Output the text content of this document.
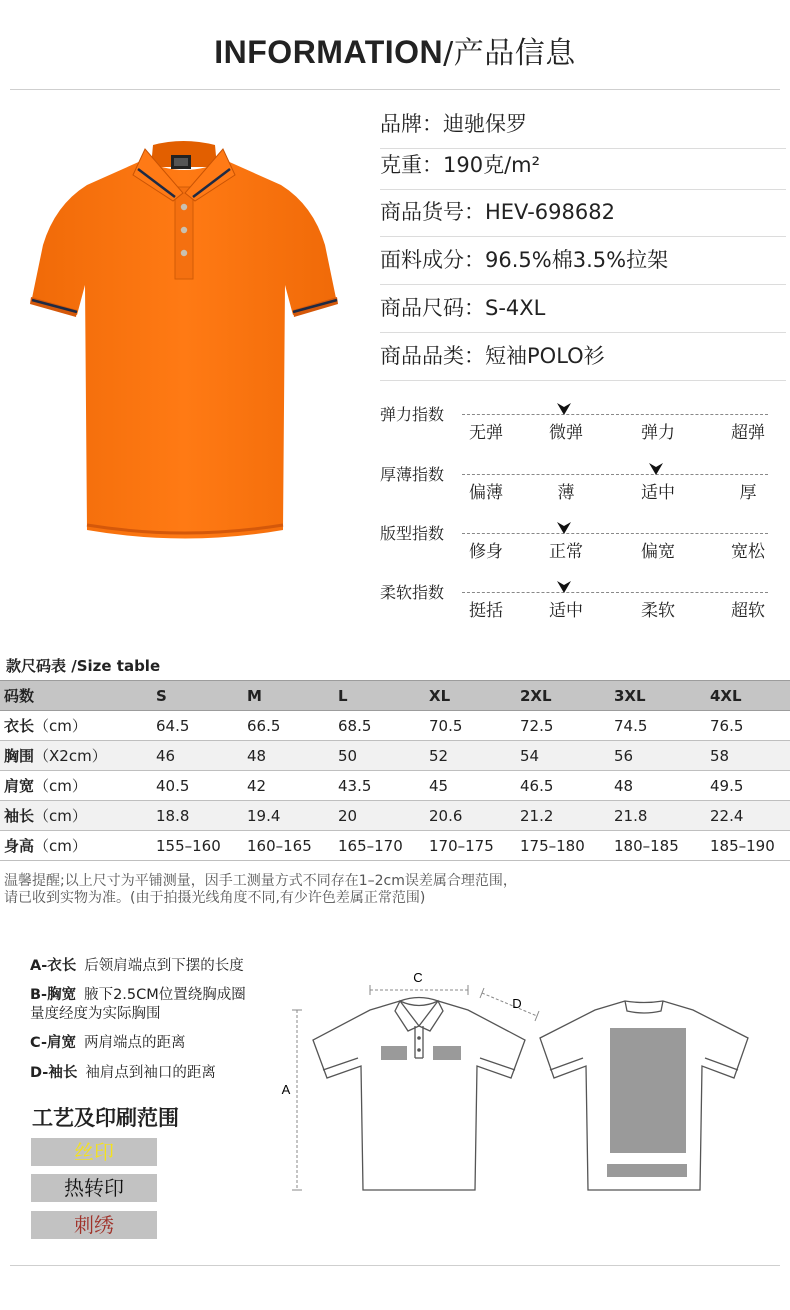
INFORMATION/产品信息
品牌：迪驰保罗
克重：190克/m²
商品货号：HEV-698682
面料成分：96.5%棉3.5%拉架
商品尺码：S-4XL
商品品类：短袖POLO衫
弹力指数
无弹	微弹	弹力	超弹
厚薄指数
偏薄	薄	适中	厚
版型指数
修身	正常	偏宽	宽松
柔软指数
挺括	适中	柔软	超软
款尺码表 /Size table
码数	S	M	L	XL	2XL	3XL	4XL
衣长（cm）	64.5	66.5	68.5	70.5	72.5	74.5	76.5
胸围（X2cm）	46	48	50	52	54	56	58
肩宽（cm）	40.5	42	43.5	45	46.5	48	49.5
袖长（cm）	18.8	19.4	20	20.6	21.2	21.8	22.4
身高（cm）	155–160	160–165	165–170	170–175	175–180	180–185	185–190
温馨提醒;以上尺寸为平铺测量，因手工测量方式不同存在1–2cm误差属合理范围，
请已收到实物为准。(由于拍摄光线角度不同,有少许色差属正常范围)
A-衣长 后领肩端点到下摆的长度
B-胸宽 腋下2.5CM位置绕胸成圈
量度经度为实际胸围
C-肩宽 两肩端点的距离
D-袖长 袖肩点到袖口的距离
工艺及印刷范围
丝印
热转印
刺绣
C
D
A
